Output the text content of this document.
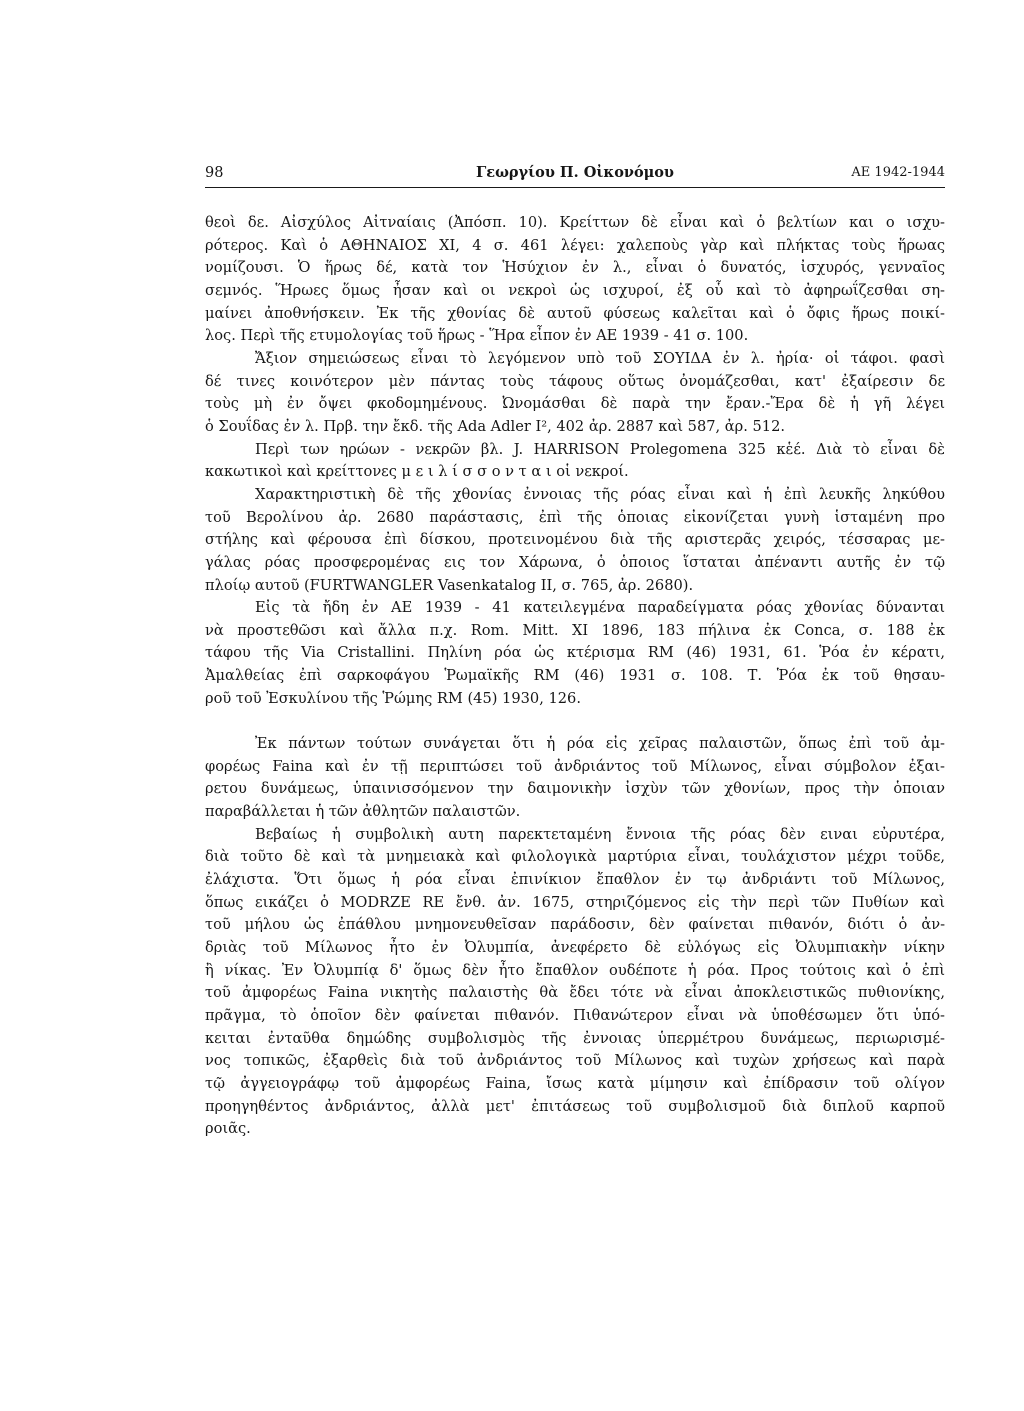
98	Γεωργίου Π. Οἰκονόμου	ΑΕ 1942-1944
θεοὶ δε. Αἰσχύλος Αἰτναίαις (Ἀπόσπ. 10). Κρείττων δὲ εἶναι καὶ ὁ βελτίων και ο ισχυ-
ρότερος. Καὶ ὁ ΑΘΗΝΑΙΟΣ XI, 4 σ. 461 λέγει: χαλεποὺς γὰρ καὶ πλήκτας τοὺς ἥρωας
νομίζουσι. Ὁ ἥρως δέ, κατὰ τον Ἡσύχιον ἐν λ., εἶναι ὁ δυνατός, ἰσχυρός, γενναῖος
σεμνός. Ἥρωες ὅμως ἦσαν καὶ οι νεκροὶ ὡς ισχυροί, ἐξ οὗ καὶ τὸ ἀφηρωΐζεσθαι ση-
μαίνει ἀποθνήσκειν. Ἐκ τῆς χθονίας δὲ αυτοῦ φύσεως καλεῖται καὶ ὁ ὄφις ἥρως ποικί-
λος. Περὶ τῆς ετυμολογίας τοῦ ἥρως - Ἥρα εἶπον ἐν ΑΕ 1939 - 41 σ. 100.
Ἄξιον σημειώσεως εἶναι τὸ λεγόμενον υπὸ τοῦ ΣΟΥΙΔΑ ἐν λ. ἠρία· οἱ τάφοι. φασὶ
δέ τινες κοινότερον μὲν πάντας τοὺς τάφους οὕτως ὀνομάζεσθαι, κατ' ἐξαίρεσιν δε
τοὺς μὴ ἐν ὄψει φκοδομημένους. Ὠνομάσθαι δὲ παρὰ την ἔραν.-Ἔρα δὲ ἡ γῆ λέγει
ὁ Σουΐδας ἐν λ. Πρβ. την ἔκδ. τῆς Ada Adler I², 402 ἀρ. 2887 καὶ 587, ἀρ. 512.
Περὶ των ηρώων - νεκρῶν βλ. J. HARRISON Prolegomena 325 κἑέ. Διὰ τὸ εἶναι δὲ
κακωτικοὶ καὶ κρείττονες μ ε ι λ ί σ σ ο ν τ α ι οἱ νεκροί.
Χαρακτηριστικὴ δὲ τῆς χθονίας ἐννοιας τῆς ρόας εἶναι καὶ ἡ ἐπὶ λευκῆς ληκύθου
τοῦ Βερολίνου ἀρ. 2680 παράστασις, ἐπὶ τῆς ὁποιας εἰκονίζεται γυνὴ ἱσταμένη προ
στήλης καὶ φέρουσα ἐπὶ δίσκου, προτεινομένου διὰ τῆς αριστερᾶς χειρός, τέσσαρας με-
γάλας ρόας προσφερομένας εις τον Χάρωνα, ὁ ὁποιος ἵσταται ἀπέναντι αυτῆς ἐν τῷ
πλοίῳ αυτοῦ (FURTWANGLER Vasenkatalog II, σ. 765, ἀρ. 2680).
Εἰς τὰ ἤδη ἐν ΑΕ 1939 - 41 κατειλεγμένα παραδείγματα ρόας χθονίας δύνανται
νὰ προστεθῶσι καὶ ἄλλα π.χ. Rom. Mitt. XI 1896, 183 πήλινα ἐκ Conca, σ. 188 ἐκ
τάφου τῆς Via Cristallini. Πηλίνη ρόα ὡς κτέρισμα RM (46) 1931, 61. Ῥόα ἐν κέρατι,
Ἀμαλθείας ἐπὶ σαρκοφάγου Ῥωμαϊκῆς RM (46) 1931 σ. 108. Τ. Ῥόα ἐκ τοῦ θησαυ-
ροῦ τοῦ Ἐσκυλίνου τῆς Ῥώμης RM (45) 1930, 126.
Ἐκ πάντων τούτων συνάγεται ὅτι ἡ ρόα εἰς χεῖρας παλαιστῶν, ὅπως ἐπὶ τοῦ ἀμ-
φορέως Faina καὶ ἐν τῇ περιπτώσει τοῦ ἀνδριάντος τοῦ Μίλωνος, εἶναι σύμβολον ἐξαι-
ρετου δυνάμεως, ὑπαινισσόμενον την δαιμονικὴν ἰσχὺν τῶν χθονίων, προς τὴν ὁποιαν
παραβάλλεται ἡ τῶν ἀθλητῶν παλαιστῶν.
Βεβαίως ἡ συμβολικὴ αυτη παρεκτεταμένη ἔννοια τῆς ρόας δὲν ειναι εὐρυτέρα,
διὰ τοῦτο δὲ καὶ τὰ μνημειακὰ καὶ φιλολογικὰ μαρτύρια εἶναι, τουλάχιστον μέχρι τοῦδε,
ἐλάχιστα. Ὅτι ὅμως ἡ ρόα εἶναι ἐπινίκιον ἔπαθλον ἐν τῳ ἀνδριάντι τοῦ Μίλωνος,
ὅπως εικάζει ὁ MODRZE RE ἔνθ. ἀν. 1675, στηριζόμενος εἰς τὴν περὶ τῶν Πυθίων καὶ
τοῦ μήλου ὡς ἐπάθλου μνημονευθεῖσαν παράδοσιν, δὲν φαίνεται πιθανόν, διότι ὁ ἀν-
δριὰς τοῦ Μίλωνος ἦτο ἐν Ὀλυμπία, ἀνεφέρετο δὲ εὐλόγως εἰς Ὀλυμπιακὴν νίκην
ἢ νίκας. Ἐν Ὀλυμπίᾳ δ' ὅμως δὲν ἦτο ἔπαθλον ουδέποτε ἡ ρόα. Προς τούτοις καὶ ὁ ἐπὶ
τοῦ ἀμφορέως Faina νικητὴς παλαιστὴς θὰ ἔδει τότε νὰ εἶναι ἀποκλειστικῶς πυθιονίκης,
πρᾶγμα, τὸ ὁποῖον δὲν φαίνεται πιθανόν. Πιθανώτερον εἶναι νὰ ὑποθέσωμεν ὅτι ὑπό-
κειται ἐνταῦθα δημώδης συμβολισμὸς τῆς ἐννοιας ὑπερμέτρου δυνάμεως, περιωρισμέ-
νος τοπικῶς, ἐξαρθεὶς διὰ τοῦ ἀνδριάντος τοῦ Μίλωνος καὶ τυχὼν χρήσεως καὶ παρὰ
τῷ ἀγγειογράφῳ τοῦ ἀμφορέως Faina, ἴσως κατὰ μίμησιν καὶ ἐπίδρασιν τοῦ ολίγον
προηγηθέντος ἀνδριάντος, ἀλλὰ μετ' ἐπιτάσεως τοῦ συμβολισμοῦ διὰ διπλοῦ καρποῦ
ροιᾶς.
